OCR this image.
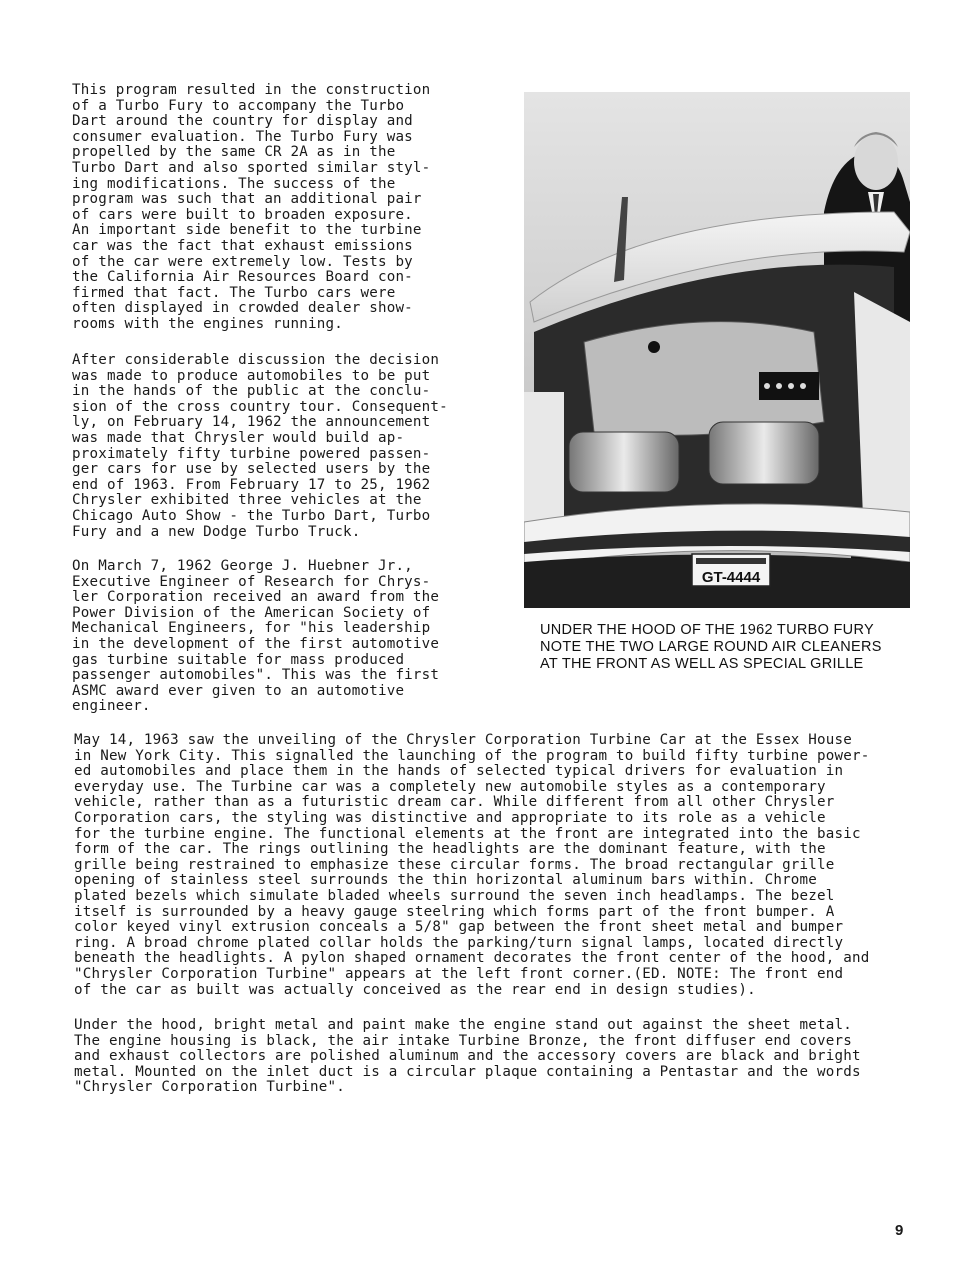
This program resulted in the construction
of a Turbo Fury to accompany the Turbo
Dart around the country for display and
consumer evaluation. The Turbo Fury was
propelled by the same CR 2A as in the
Turbo Dart and also sported similar styl-
ing modifications. The success of the
program was such that an additional pair
of cars were built to broaden exposure.
An important side benefit to the turbine
car was the fact that exhaust emissions
of the car were extremely low. Tests by
the California Air Resources Board con-
firmed that fact. The Turbo cars were
often displayed in crowded dealer show-
rooms with the engines running.

After considerable discussion the decision
was made to produce automobiles to be put
in the hands of the public at the conclu-
sion of the cross country tour. Consequent-
ly, on February 14, 1962 the announcement
was made that Chrysler would build ap-
proximately fifty turbine powered passen-
ger cars for use by selected users by the
end of 1963. From February 17 to 25, 1962
Chrysler exhibited three vehicles at the
Chicago Auto Show - the Turbo Dart, Turbo
Fury and a new Dodge Turbo Truck.

On March 7, 1962 George J. Huebner Jr.,
Executive Engineer of Research for Chrys-
ler Corporation received an award from the
Power Division of the American Society of
Mechanical Engineers, for "his leadership
in the development of the first automotive
gas turbine suitable for mass produced
passenger automobiles". This was the first
ASMC award ever given to an automotive
engineer.

GT-4444

UNDER THE HOOD OF THE 1962 TURBO FURY
NOTE THE TWO LARGE ROUND AIR CLEANERS
AT THE FRONT AS WELL AS SPECIAL GRILLE

May 14, 1963 saw the unveiling of the Chrysler Corporation Turbine Car at the Essex House
in New York City. This signalled the launching of the program to build fifty turbine power-
ed automobiles and place them in the hands of selected typical drivers for evaluation in
everyday use. The Turbine car was a completely new automobile styles as a contemporary
vehicle, rather than as a futuristic dream car. While different from all other Chrysler
Corporation cars, the styling was distinctive and appropriate to its role as a vehicle
for the turbine engine. The functional elements at the front are integrated into the basic
form of the car. The rings outlining the headlights are the dominant feature, with the
grille being restrained to emphasize these circular forms. The broad rectangular grille
opening of stainless steel surrounds the thin horizontal aluminum bars within. Chrome
plated bezels which simulate bladed wheels surround the seven inch headlamps. The bezel
itself is surrounded by a heavy gauge steelring which forms part of the front bumper. A
color keyed vinyl extrusion conceals a 5/8" gap between the front sheet metal and bumper
ring. A broad chrome plated collar holds the parking/turn signal lamps, located directly
beneath the headlights. A pylon shaped ornament decorates the front center of the hood, and
"Chrysler Corporation Turbine" appears at the left front corner.(ED. NOTE: The front end
of the car as built was actually conceived as the rear end in design studies).

Under the hood, bright metal and paint make the engine stand out against the sheet metal.
The engine housing is black, the air intake Turbine Bronze, the front diffuser end covers
and exhaust collectors are polished aluminum and the accessory covers are black and bright
metal. Mounted on the inlet duct is a circular plaque containing a Pentastar and the words
"Chrysler Corporation Turbine".

9
